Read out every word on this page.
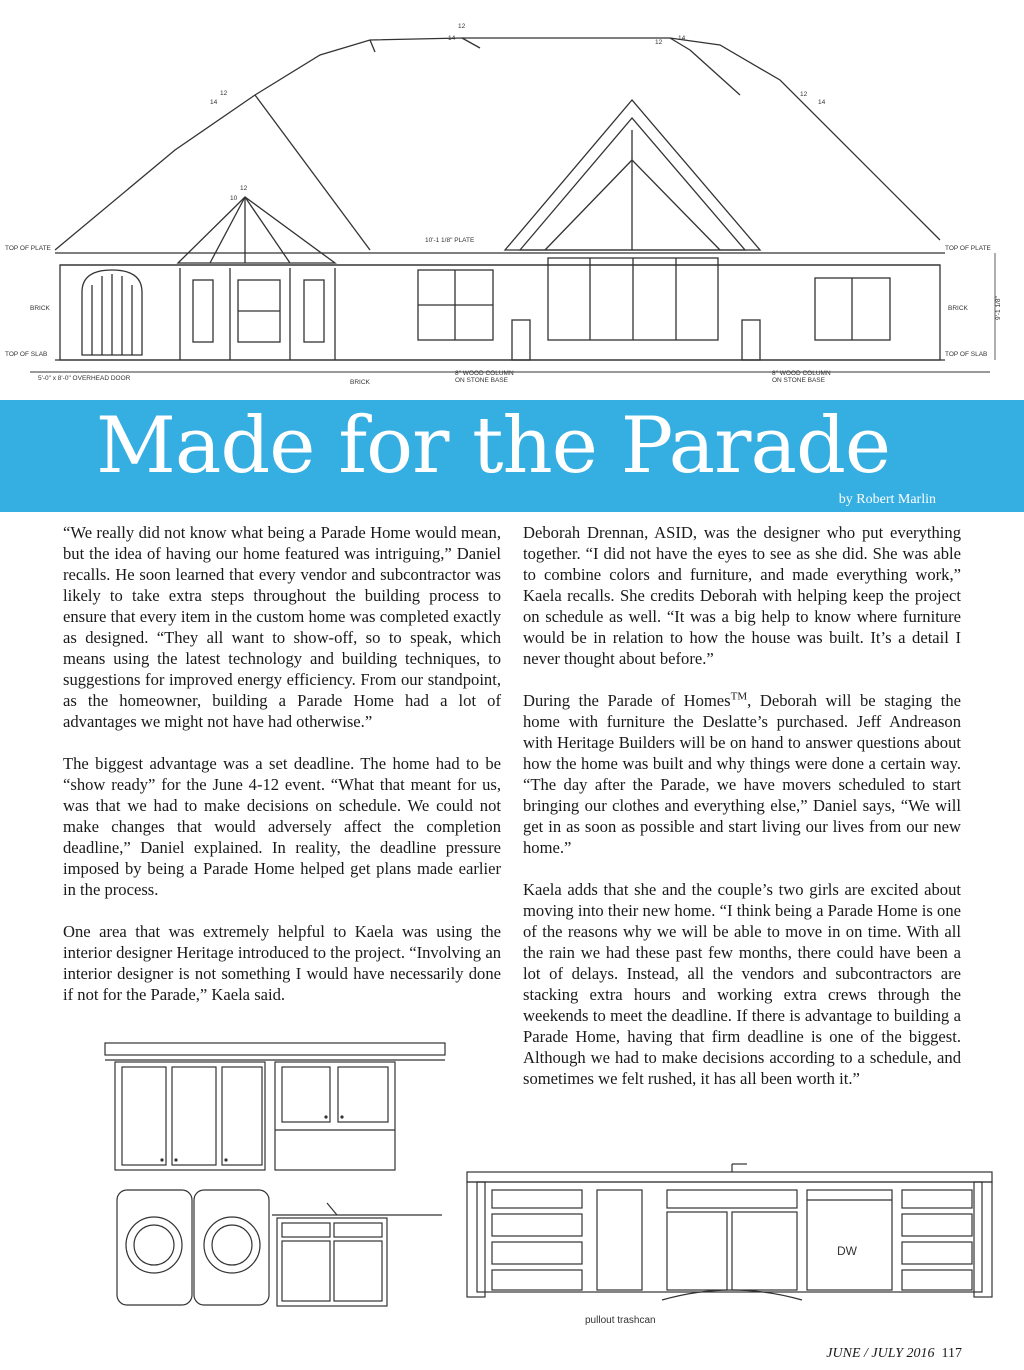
TOP OF PLATE	TOP OF PLATE
TOP OF SLAB	TOP OF SLAB
BRICK	BRICK
10'-1 1/8" PLATE
9'-1 1/8"
5'-0" x 8'-0" OVERHEAD DOOR
BRICK
8" WOOD COLUMN
ON STONE BASE
8" WOOD COLUMN
ON STONE BASE
12
14
12
14
12
14
12
10
12
14
Made for the Parade
by Robert Marlin

“We really did not know what being a Parade Home would mean, but the idea of having our home featured was intriguing,” Daniel recalls. He soon learned that every vendor and subcontractor was likely to take extra steps throughout the building process to ensure that every item in the custom home was completed exactly as designed. “They all want to show-off, so to speak, which means using the latest technology and building techniques, to suggestions for improved energy efficiency. From our standpoint, as the homeowner, building a Parade Home had a lot of advantages we might not have had otherwise.”

The biggest advantage was a set deadline. The home had to be “show ready” for the June 4-12 event. “What that meant for us, was that we had to make decisions on schedule. We could not make changes that would adversely affect the completion deadline,” Daniel explained. In reality, the deadline pressure imposed by being a Parade Home helped get plans made earlier in the process.

One area that was extremely helpful to Kaela was using the interior designer Heritage introduced to the project. “Involving an interior designer is not something I would have necessarily done if not for the Parade,” Kaela said.

Deborah Drennan, ASID, was the designer who put everything together. “I did not have the eyes to see as she did. She was able to combine colors and furniture, and made everything work,” Kaela recalls. She credits Deborah with helping keep the project on schedule as well. “It was a big help to know where furniture would be in relation to how the house was built. It’s a detail I never thought about before.”

During the Parade of Homes™, Deborah will be staging the home with furniture the Deslatte’s purchased. Jeff Andreason with Heritage Builders will be on hand to answer questions about how the home was built and why things were done a certain way. “The day after the Parade, we have movers scheduled to start bringing our clothes and everything else,” Daniel says, “We will get in as soon as possible and start living our lives from our new home.”

Kaela adds that she and the couple’s two girls are excited about moving into their new home. “I think being a Parade Home is one of the reasons why we will be able to move in on time. With all the rain we had these past few months, there could have been a lot of delays. Instead, all the vendors and subcontractors are stacking extra hours and working extra crews through the weekends to meet the deadline. If there is advantage to building a Parade Home, having that firm deadline is one of the biggest. Although we had to make decisions according to a schedule, and sometimes we felt rushed, it has all been worth it.”

DW
pullout trashcan
JUNE / JULY 2016 117
